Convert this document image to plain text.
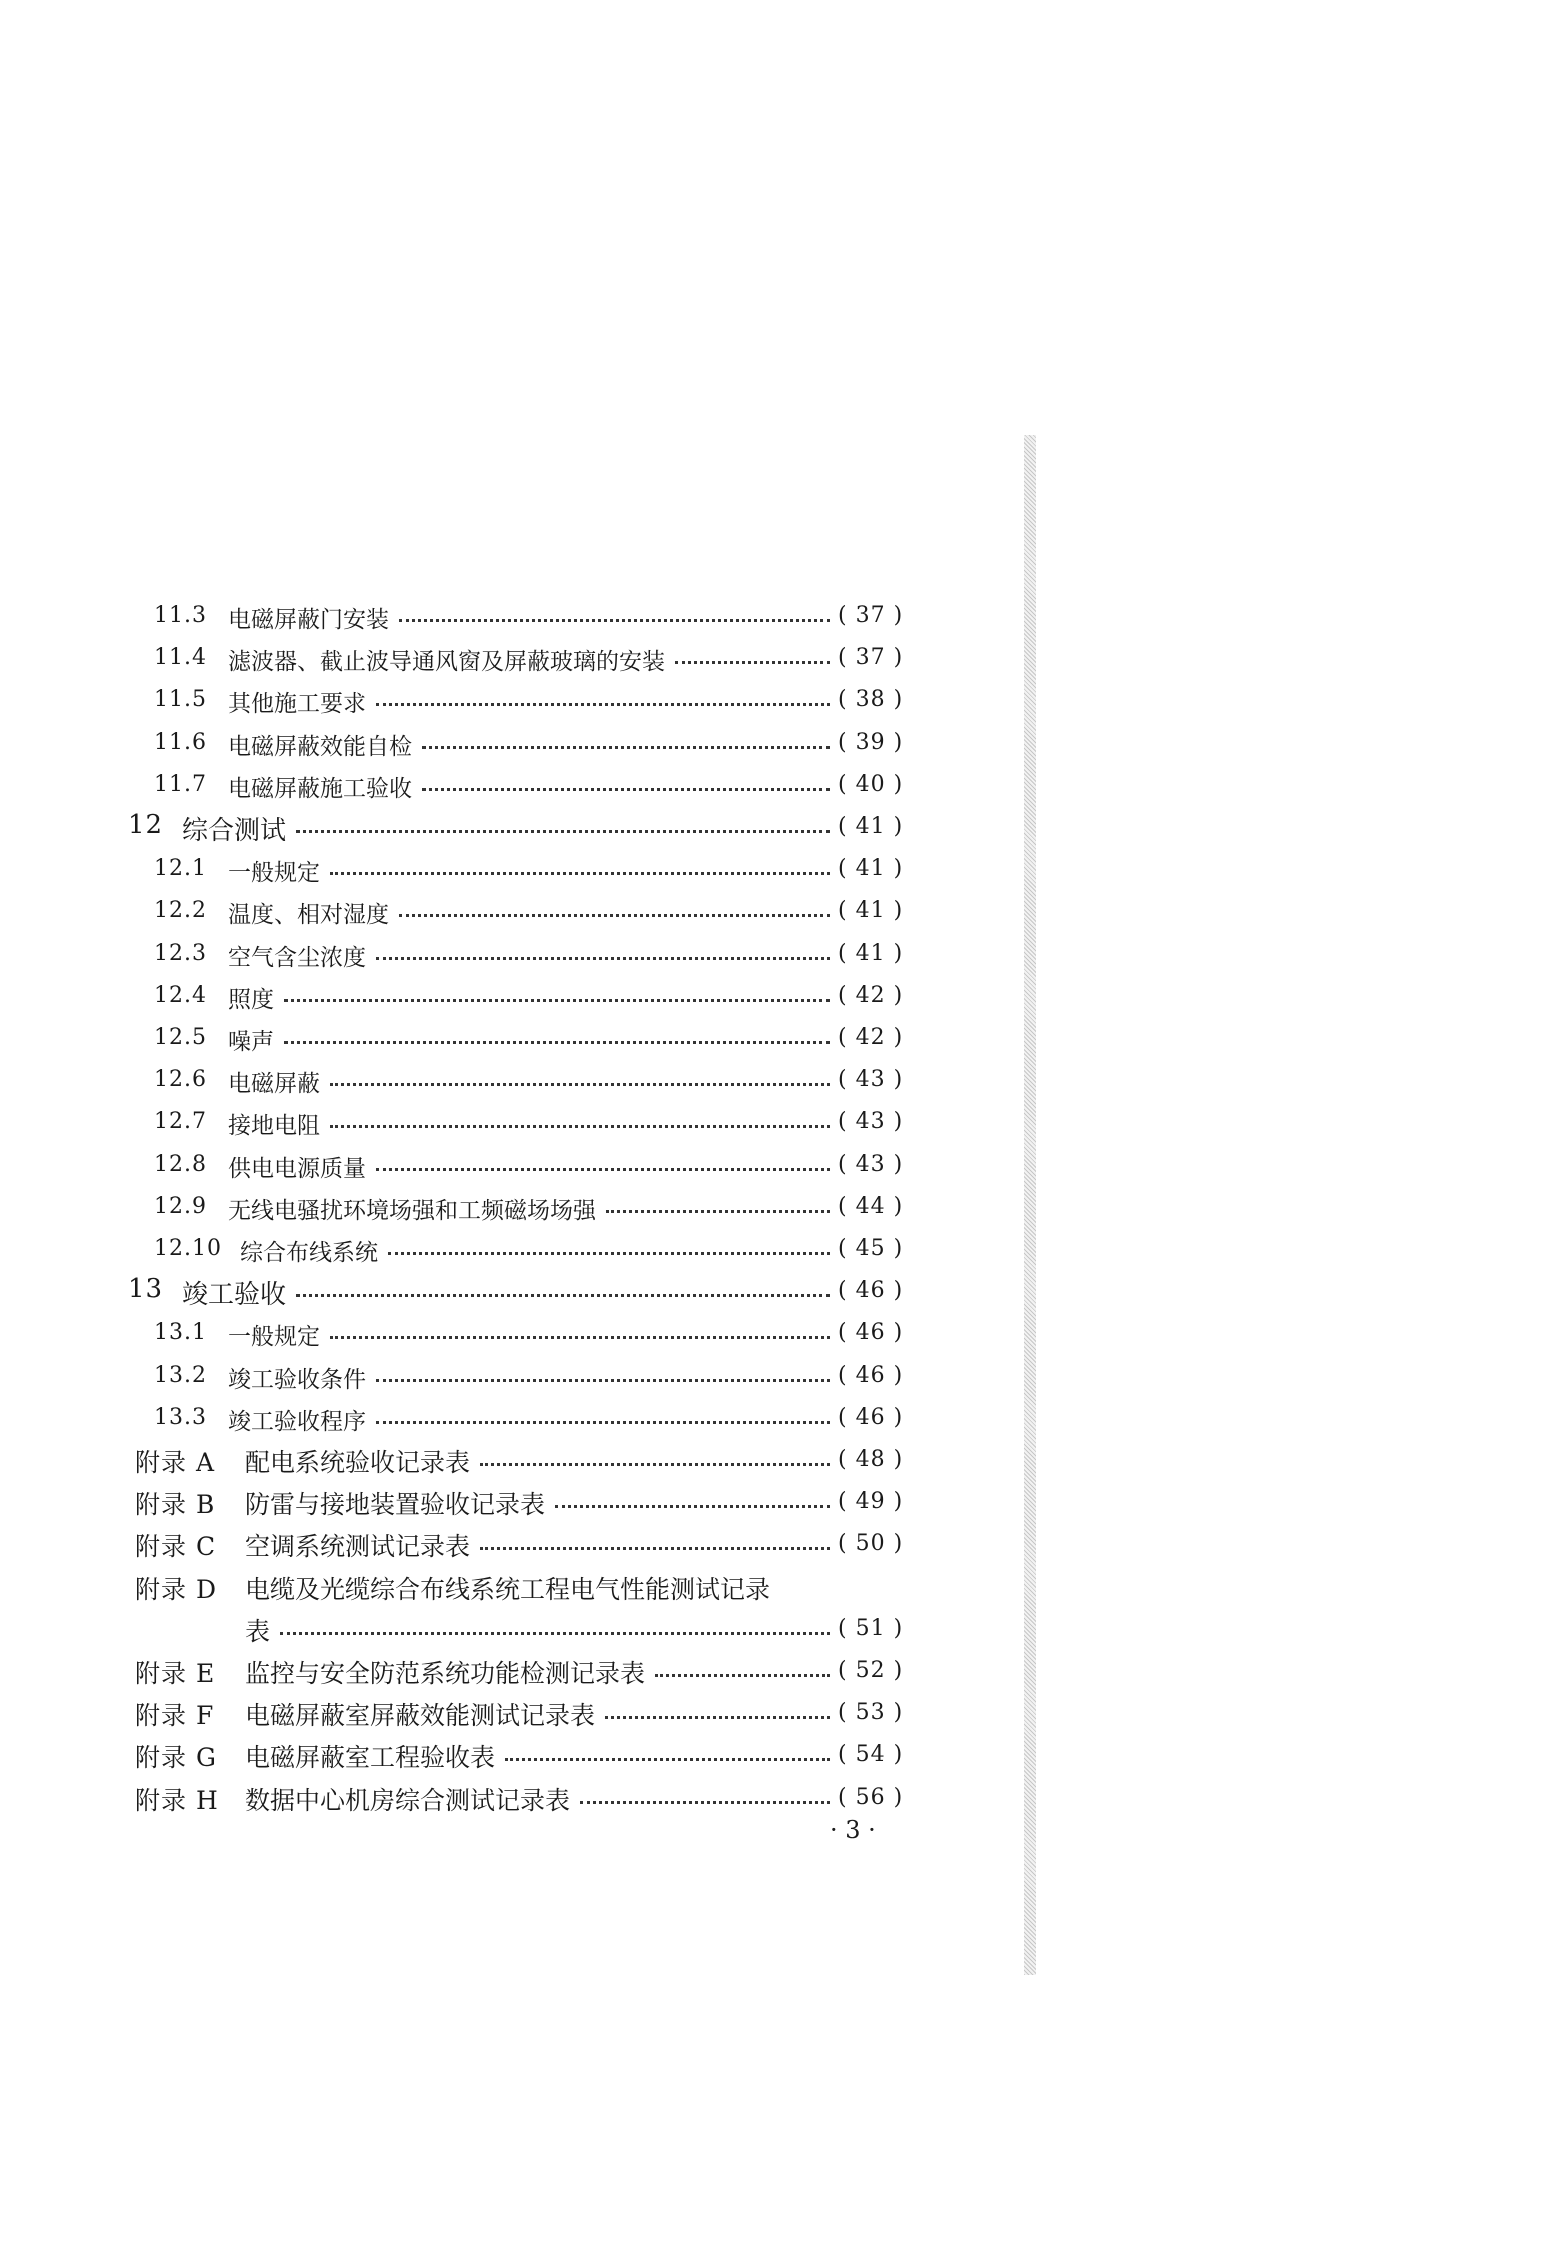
11.3 电磁屏蔽门安装	( 37 )
11.4 滤波器、截止波导通风窗及屏蔽玻璃的安装	( 37 )
11.5 其他施工要求	( 38 )
11.6 电磁屏蔽效能自检	( 39 )
11.7 电磁屏蔽施工验收	( 40 )
12 综合测试	( 41 )
12.1 一般规定	( 41 )
12.2 温度、相对湿度	( 41 )
12.3 空气含尘浓度	( 41 )
12.4 照度	( 42 )
12.5 噪声	( 42 )
12.6 电磁屏蔽	( 43 )
12.7 接地电阻	( 43 )
12.8 供电电源质量	( 43 )
12.9 无线电骚扰环境场强和工频磁场场强	( 44 )
12.10 综合布线系统	( 45 )
13 竣工验收	( 46 )
13.1 一般规定	( 46 )
13.2 竣工验收条件	( 46 )
13.3 竣工验收程序	( 46 )
附录 A 配电系统验收记录表	( 48 )
附录 B 防雷与接地装置验收记录表	( 49 )
附录 C 空调系统测试记录表	( 50 )
附录 D 电缆及光缆综合布线系统工程电气性能测试记录
表	( 51 )
附录 E 监控与安全防范系统功能检测记录表	( 52 )
附录 F 电磁屏蔽室屏蔽效能测试记录表	( 53 )
附录 G 电磁屏蔽室工程验收表	( 54 )
附录 H 数据中心机房综合测试记录表	( 56 )
· 3 ·
